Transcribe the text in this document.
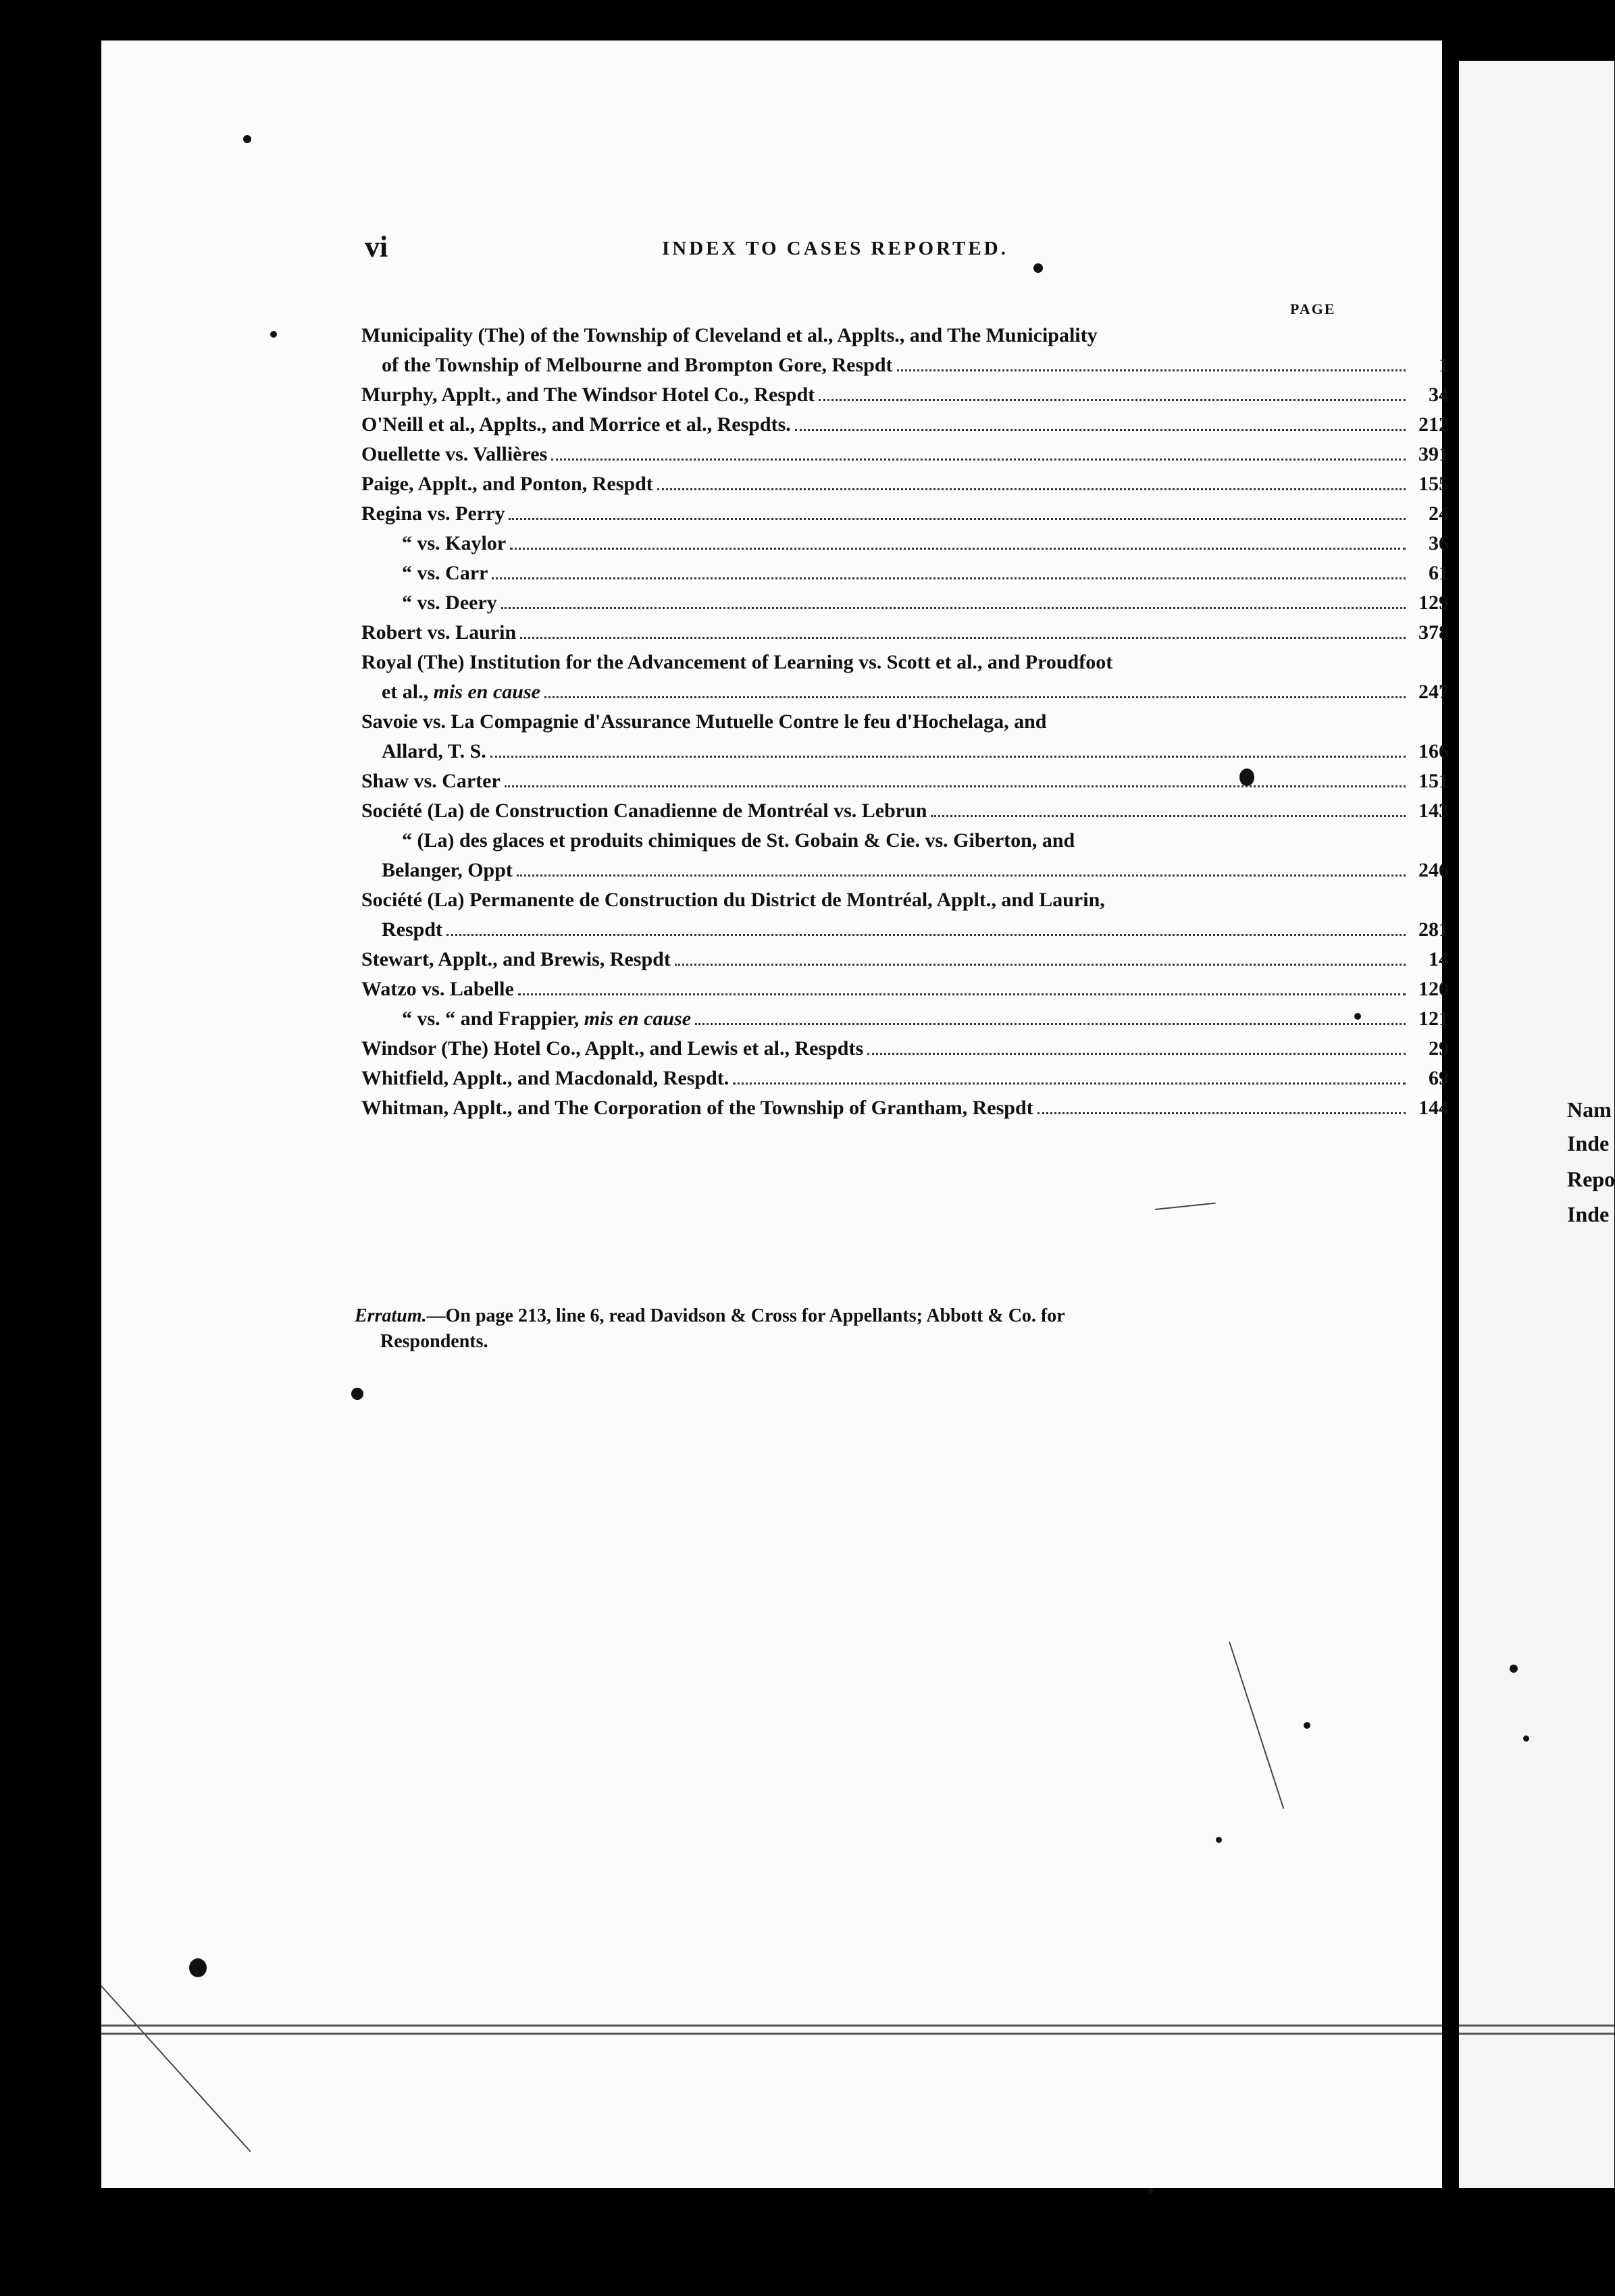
vi	INDEX TO CASES REPORTED.
PAGE
Municipality (The) of the Township of Cleveland et al., Applts., and The Municipality
of the Township of Melbourne and Brompton Gore, Respdt	1
Murphy, Applt., and The Windsor Hotel Co., Respdt	34
O'Neill et al., Applts., and Morrice et al., Respdts.	212
Ouellette vs. Vallières	391
Paige, Applt., and Ponton, Respdt	155
Regina vs. Perry	24
“ vs. Kaylor	36
“ vs. Carr	61
“ vs. Deery	129
Robert vs. Laurin	378
Royal (The) Institution for the Advancement of Learning vs. Scott et al., and Proudfoot
et al., mis en cause	247
Savoie vs. La Compagnie d'Assurance Mutuelle Contre le feu d'Hochelaga, and
Allard, T. S.	166
Shaw vs. Carter	151
Société (La) de Construction Canadienne de Montréal vs. Lebrun	143
“ (La) des glaces et produits chimiques de St. Gobain & Cie. vs. Giberton, and
Belanger, Oppt	246
Société (La) Permanente de Construction du District de Montréal, Applt., and Laurin,
Respdt	281
Stewart, Applt., and Brewis, Respdt	14
Watzo vs. Labelle	120
“ vs. “ and Frappier, mis en cause	121
Windsor (The) Hotel Co., Applt., and Lewis et al., Respdts	29
Whitfield, Applt., and Macdonald, Respdt.	69
Whitman, Applt., and The Corporation of the Township of Grantham, Respdt	144
Erratum.—On page 213, line 6, read Davidson & Cross for Appellants; Abbott & Co. for
Respondents.
Nam
Inde
Repo
Inde
